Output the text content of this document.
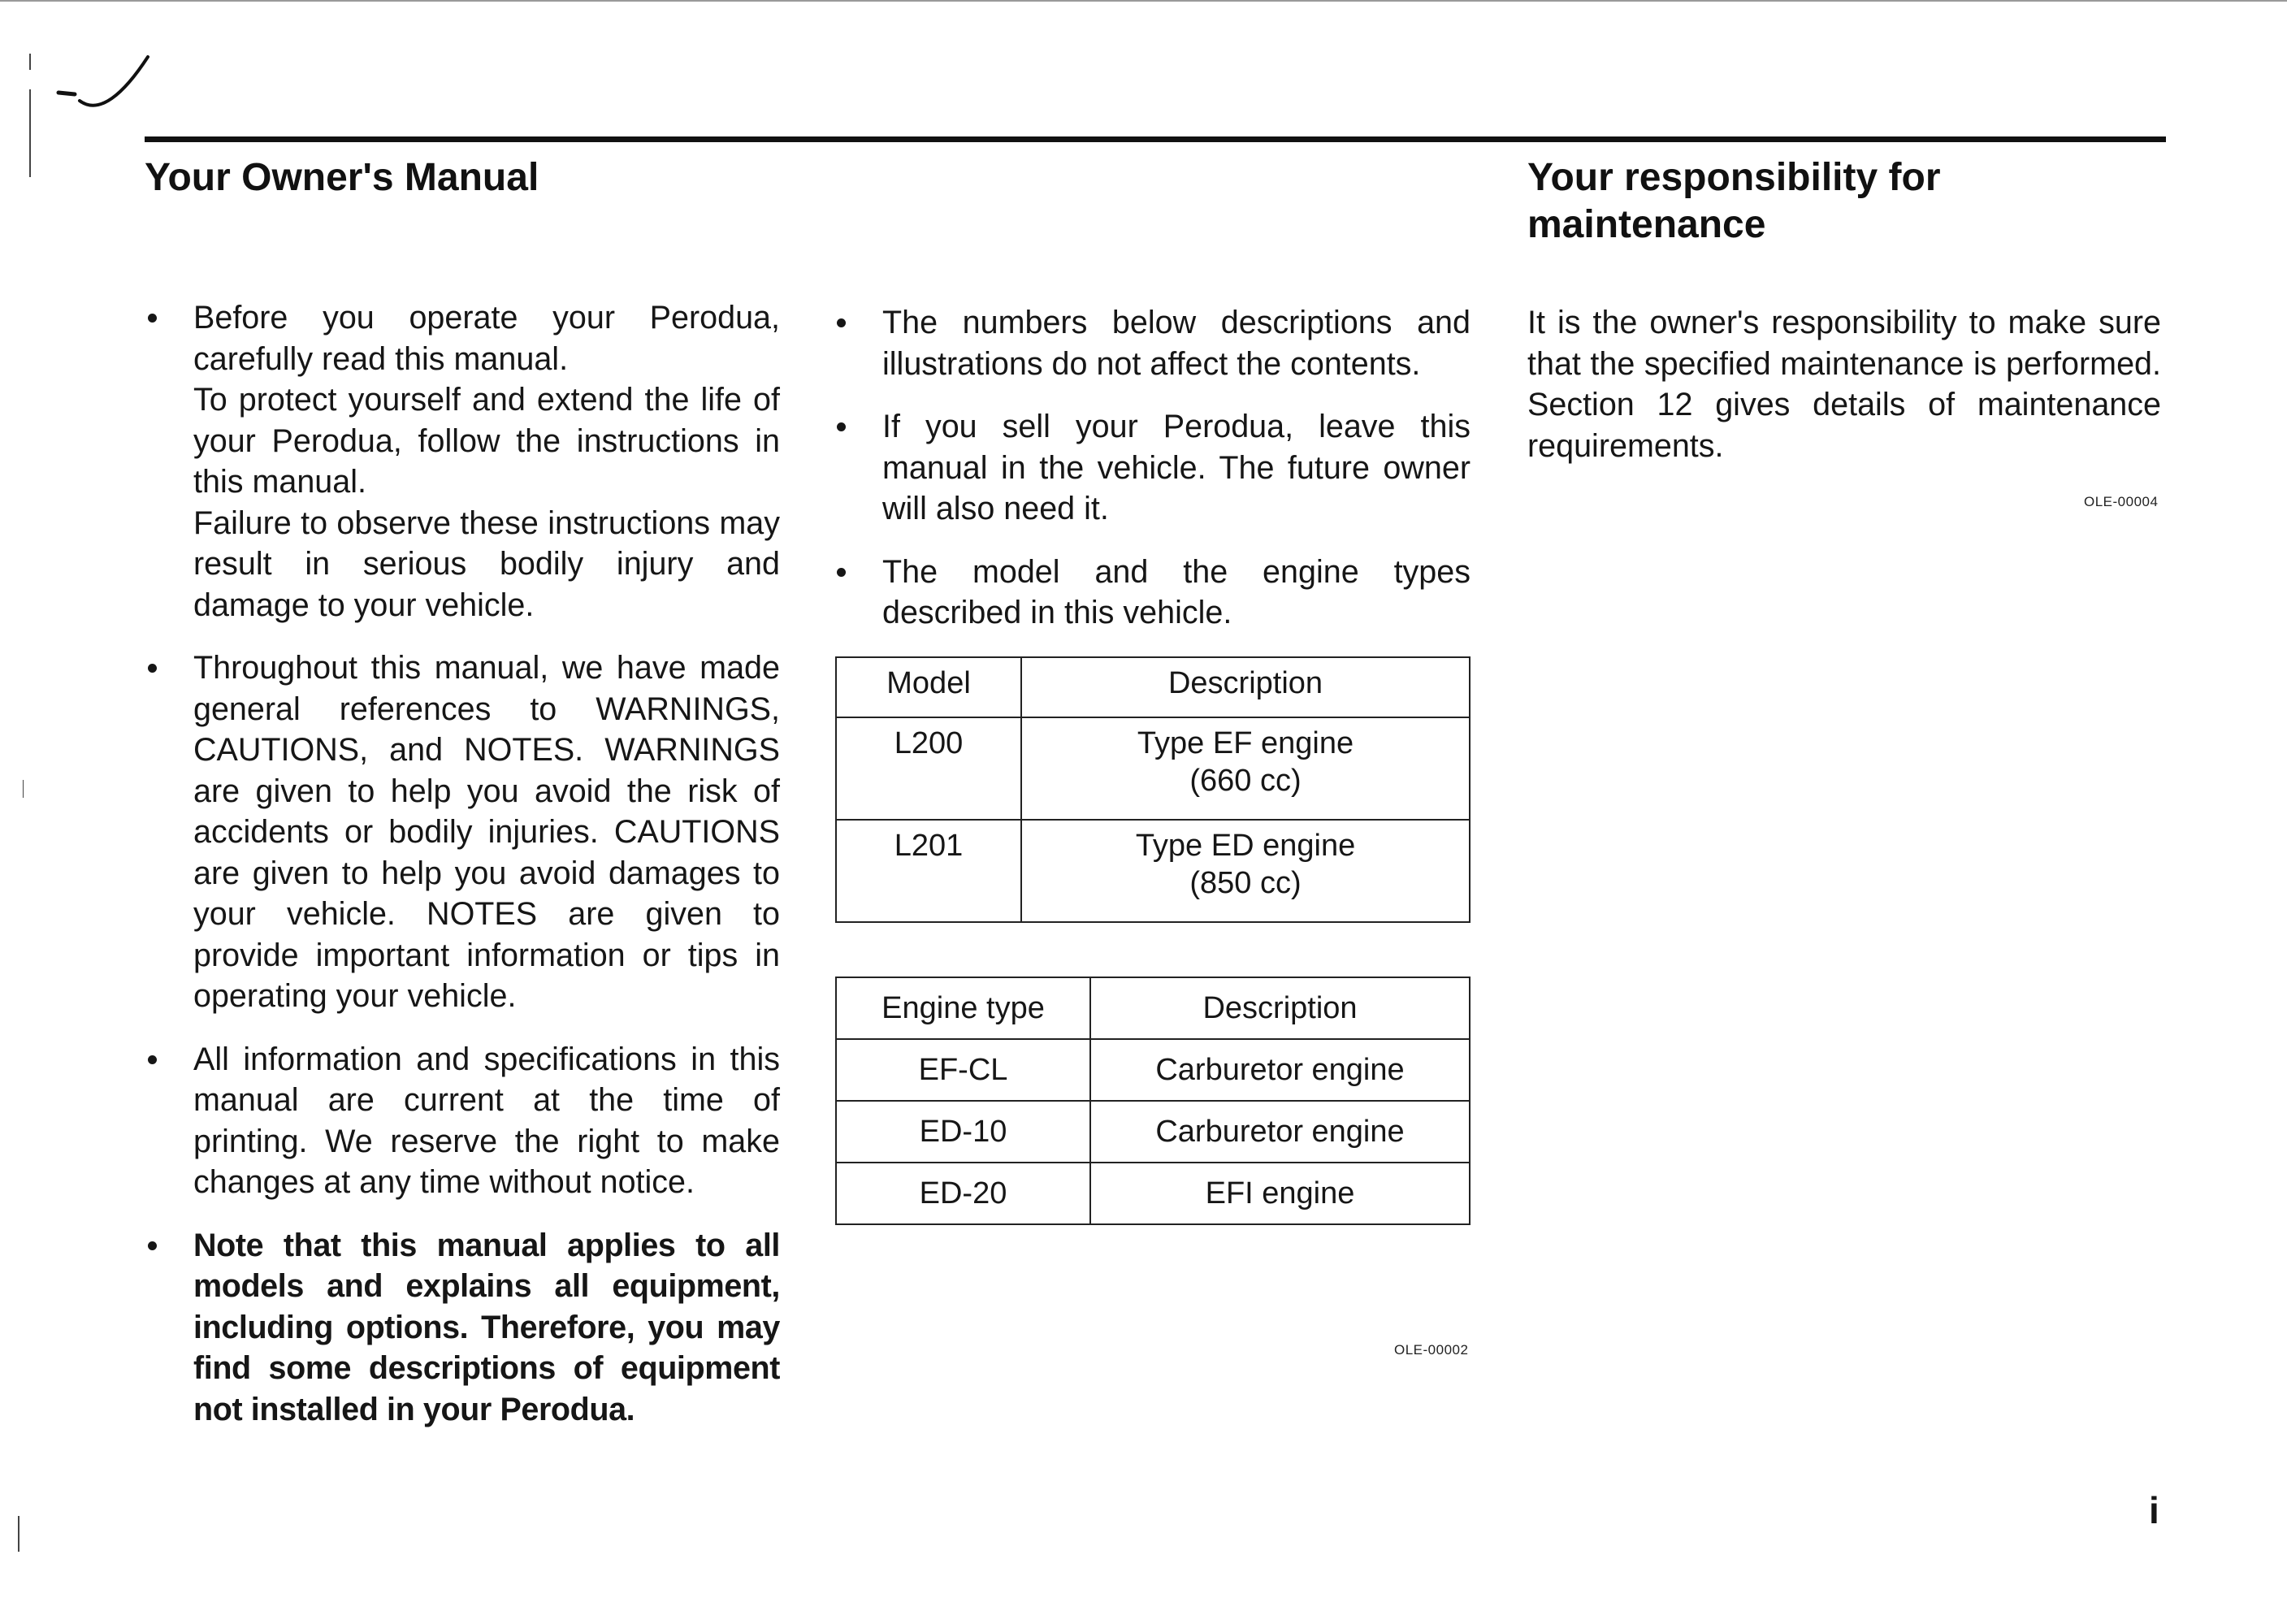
Your Owner's Manual	Your responsibility for maintenance
Before you operate your Perodua, carefully read this manual.
To protect yourself and extend the life of your Perodua, follow the instructions in this manual.
Failure to observe these instructions may result in serious bodily injury and damage to your vehicle.
Throughout this manual, we have made general references to WARNINGS, CAUTIONS, and NOTES. WARNINGS are given to help you avoid the risk of accidents or bodily injuries. CAUTIONS are given to help you avoid damages to your vehicle. NOTES are given to provide important information or tips in operating your vehicle.
All information and specifications in this manual are current at the time of printing. We reserve the right to make changes at any time without notice.
Note that this manual applies to all models and explains all equipment, including options. Therefore, you may find some descriptions of equipment not installed in your Perodua.
The numbers below descriptions and illustrations do not affect the contents.
If you sell your Perodua, leave this manual in the vehicle. The future owner will also need it.
The model and the engine types described in this vehicle.
Model	Description
L200	Type EF engine
(660 cc)
L201	Type ED engine
(850 cc)
Engine type	Description
EF-CL	Carburetor engine
ED-10	Carburetor engine
ED-20	EFI engine
OLE-00002

It is the owner's responsibility to make sure that the specified maintenance is performed. Section 12 gives details of maintenance requirements.

OLE-00004
i
